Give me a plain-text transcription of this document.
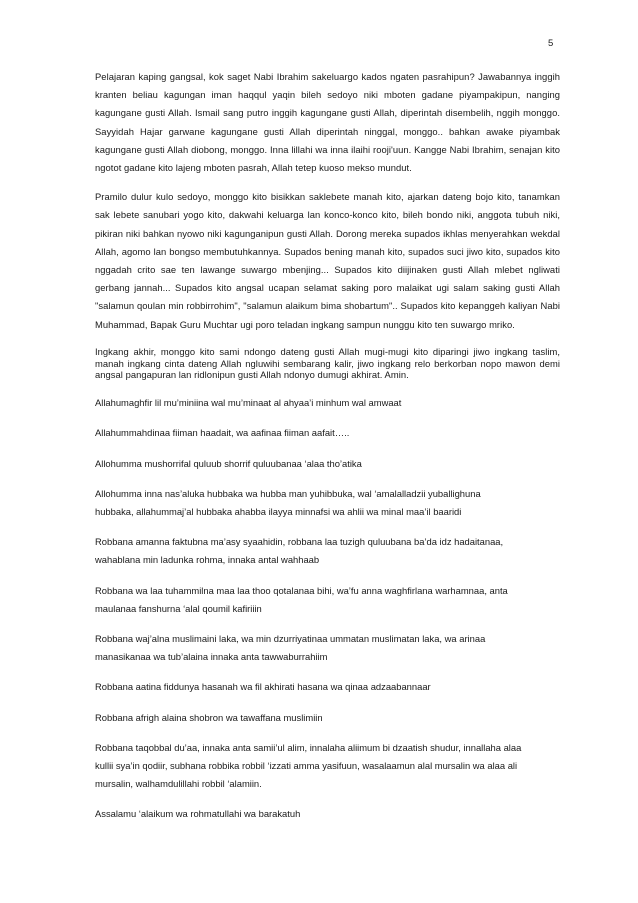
5

Pelajaran kaping gangsal, kok saget Nabi Ibrahim sakeluargo kados ngaten pasrahipun? Jawabannya inggih kranten beliau kagungan iman haqqul yaqin bileh sedoyo niki mboten gadane piyampakipun, nanging kagungane gusti Allah. Ismail sang putro inggih kagungane gusti Allah, diperintah disembelih, nggih monggo. Sayyidah Hajar garwane kagungane gusti Allah diperintah ninggal, monggo.. bahkan awake piyambak kagungane gusti Allah diobong, monggo. Inna lillahi wa inna ilaihi rooji'uun. Kangge Nabi Ibrahim, senajan kito ngotot gadane kito lajeng mboten pasrah, Allah tetep kuoso mekso mundut.

Pramilo dulur kulo sedoyo, monggo kito bisikkan saklebete manah kito, ajarkan dateng bojo kito, tanamkan sak lebete sanubari yogo kito, dakwahi keluarga lan konco-konco kito, bileh bondo niki, anggota tubuh niki, pikiran niki bahkan nyowo niki kagunganipun gusti Allah. Dorong mereka supados ikhlas menyerahkan wekdal Allah, agomo lan bongso membutuhkannya. Supados bening manah kito, supados suci jiwo kito, supados kito nggadah crito sae ten lawange suwargo mbenjing... Supados kito diijinaken gusti Allah mlebet ngliwati gerbang jannah... Supados kito angsal ucapan selamat saking poro malaikat ugi salam saking gusti Allah "salamun qoulan min robbirrohim", "salamun alaikum bima shobartum".. Supados kito kepanggeh kaliyan Nabi Muhammad, Bapak Guru Muchtar ugi poro teladan ingkang sampun nunggu kito ten suwargo mriko.

Ingkang akhir, monggo kito sami ndongo dateng gusti Allah mugi-mugi kito diparingi jiwo ingkang taslim, manah ingkang cinta dateng Allah ngluwihi sembarang kalir, jiwo ingkang relo berkorban nopo mawon demi angsal pangapuran lan ridlonipun gusti Allah ndonyo dumugi akhirat. Amin.

Allahumaghfir lil mu’miniina wal mu’minaat al ahyaa’i minhum wal amwaat
Allahummahdinaa fiiman haadait, wa aafinaa fiiman aafait…..
Allohumma mushorrifal quluub shorrif quluubanaa ‘alaa tho’atika
Allohumma inna nas’aluka hubbaka wa hubba man yuhibbuka, wal ‘amalalladzii yuballighuna
hubbaka, allahummaj’al hubbaka ahabba ilayya minnafsi wa ahlii wa minal maa’il baaridi
Robbana amanna faktubna ma’asy syaahidin, robbana laa tuzigh quluubana ba’da idz hadaitanaa,
wahablana min ladunka rohma, innaka antal wahhaab
Robbana wa laa tuhammilna maa laa thoo qotalanaa bihi, wa’fu anna waghfirlana warhamnaa, anta
maulanaa fanshurna ‘alal qoumil kafiriiin
Robbana waj’alna muslimaini laka, wa min dzurriyatinaa ummatan muslimatan laka, wa arinaa
manasikanaa wa tub’alaina innaka anta tawwaburrahiim
Robbana aatina fiddunya hasanah wa fil akhirati hasana wa qinaa adzaabannaar
Robbana afrigh alaina shobron wa tawaffana muslimiin
Robbana taqobbal du’aa, innaka anta samii’ul alim, innalaha aliimum bi dzaatish shudur, innallaha alaa
kullii sya’in qodiir, subhana robbika robbil ‘izzati amma yasifuun, wasalaamun alal mursalin wa alaa ali
mursalin, walhamdulillahi robbil ‘alamiin.
Assalamu ‘alaikum wa rohmatullahi wa barakatuh
